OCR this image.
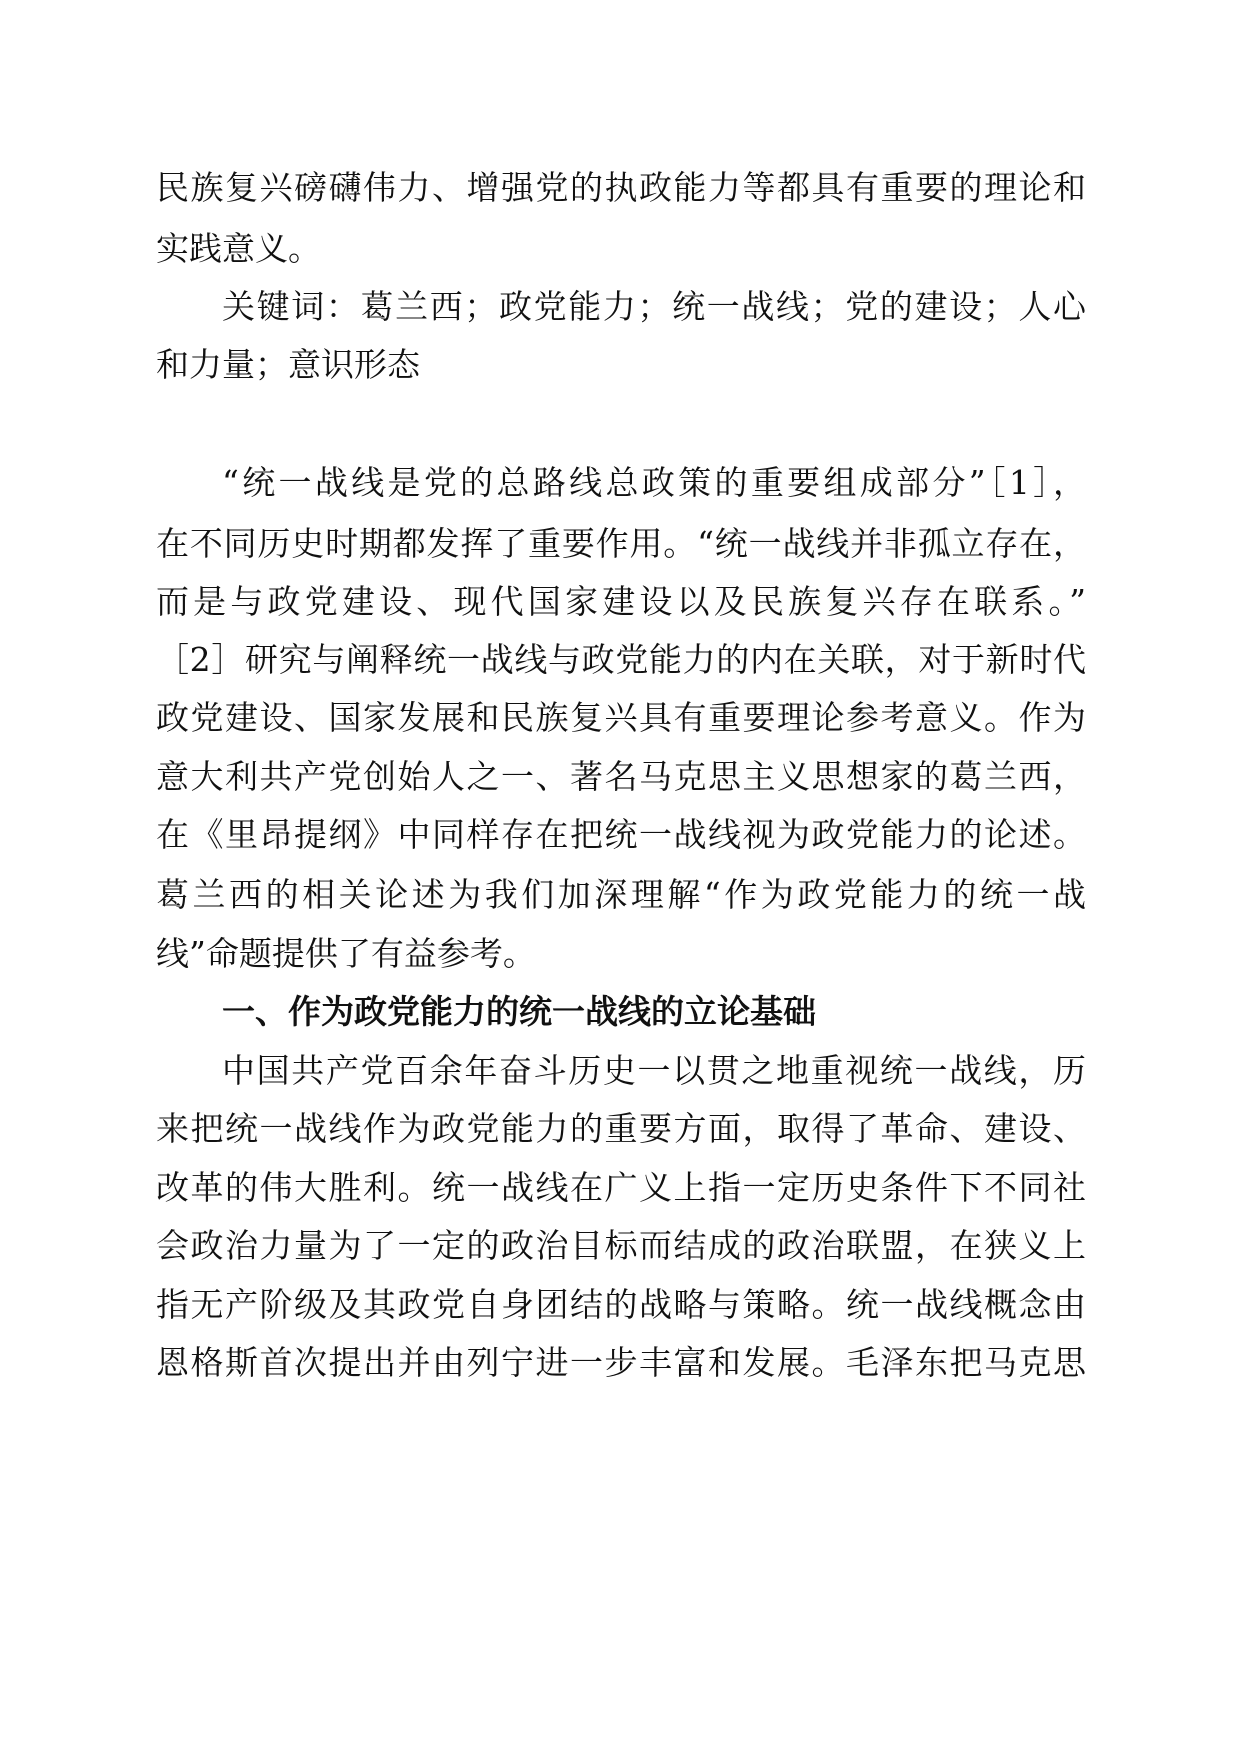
民族复兴磅礴伟力、增强党的执政能力等都具有重要的理论和
实践意义。
关键词：葛兰西；政党能力；统一战线；党的建设；人心
和力量；意识形态
“统一战线是党的总路线总政策的重要组成部分”［1］，
在不同历史时期都发挥了重要作用。“统一战线并非孤立存在，
而是与政党建设、现代国家建设以及民族复兴存在联系。”
［2］研究与阐释统一战线与政党能力的内在关联，对于新时代
政党建设、国家发展和民族复兴具有重要理论参考意义。作为
意大利共产党创始人之一、著名马克思主义思想家的葛兰西，
在《里昂提纲》中同样存在把统一战线视为政党能力的论述。
葛兰西的相关论述为我们加深理解“作为政党能力的统一战
线”命题提供了有益参考。
一、作为政党能力的统一战线的立论基础
中国共产党百余年奋斗历史一以贯之地重视统一战线，历
来把统一战线作为政党能力的重要方面，取得了革命、建设、
改革的伟大胜利。统一战线在广义上指一定历史条件下不同社
会政治力量为了一定的政治目标而结成的政治联盟，在狭义上
指无产阶级及其政党自身团结的战略与策略。统一战线概念由
恩格斯首次提出并由列宁进一步丰富和发展。毛泽东把马克思
